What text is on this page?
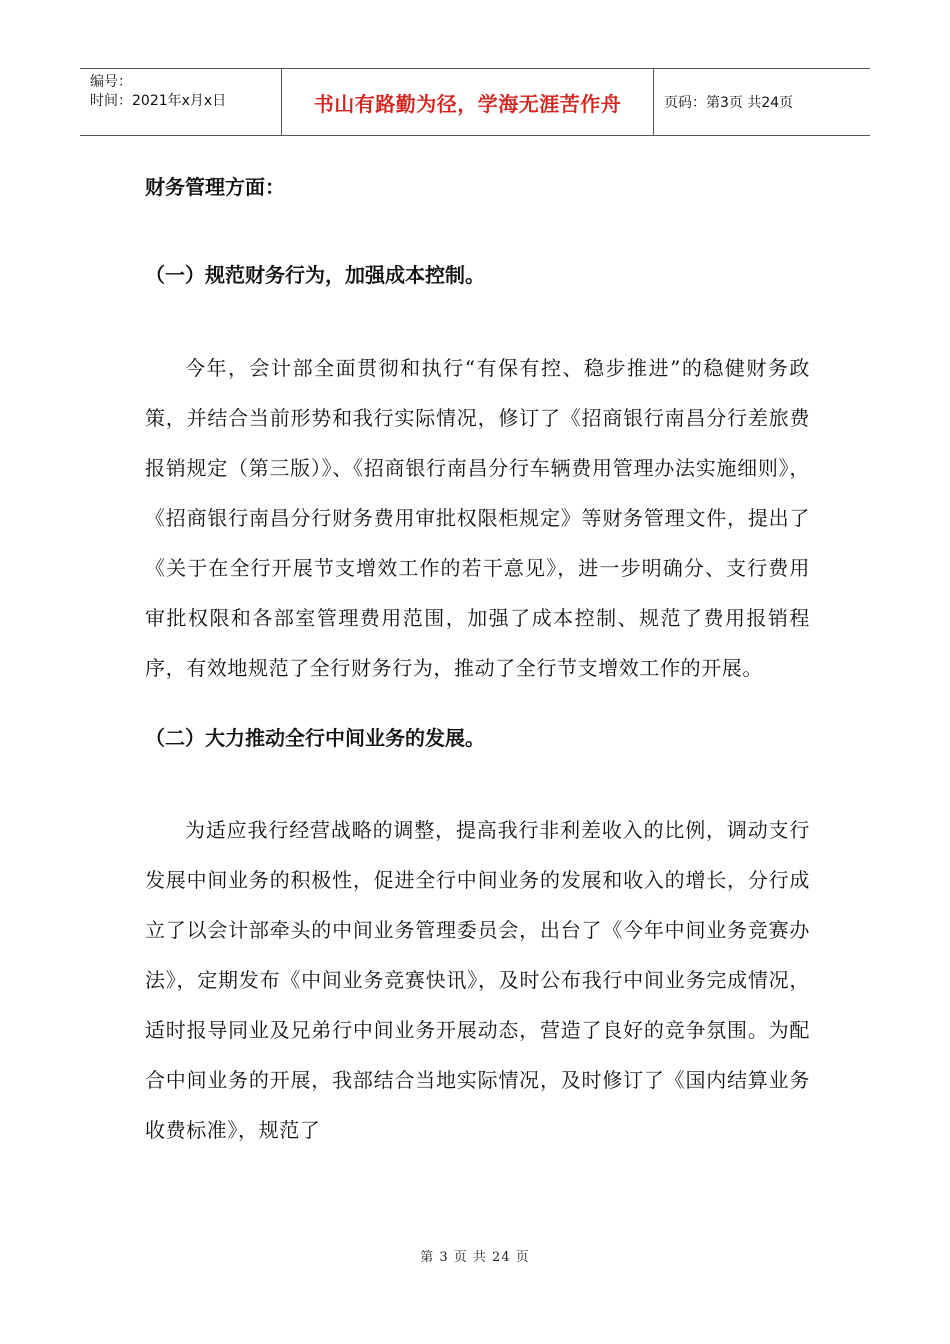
编号：
时间：2021年x月x日	书山有路勤为径，学海无涯苦作舟	页码：第3页 共24页

财务管理方面：

（一）规范财务行为，加强成本控制。

今年，会计部全面贯彻和执行“有保有控、稳步推进”的稳健财务政策，并结合当前形势和我行实际情况，修订了《招商银行南昌分行差旅费报销规定（第三版）》、《招商银行南昌分行车辆费用管理办法实施细则》，《招商银行南昌分行财务费用审批权限柜规定》等财务管理文件，提出了《关于在全行开展节支增效工作的若干意见》，进一步明确分、支行费用审批权限和各部室管理费用范围，加强了成本控制、规范了费用报销程序，有效地规范了全行财务行为，推动了全行节支增效工作的开展。

（二）大力推动全行中间业务的发展。

为适应我行经营战略的调整，提高我行非利差收入的比例，调动支行发展中间业务的积极性，促进全行中间业务的发展和收入的增长，分行成立了以会计部牵头的中间业务管理委员会，出台了《今年中间业务竞赛办法》，定期发布《中间业务竞赛快讯》，及时公布我行中间业务完成情况，适时报导同业及兄弟行中间业务开展动态，营造了良好的竞争氛围。为配合中间业务的开展，我部结合当地实际情况，及时修订了《国内结算业务收费标准》，规范了

第 3 页 共 24 页
